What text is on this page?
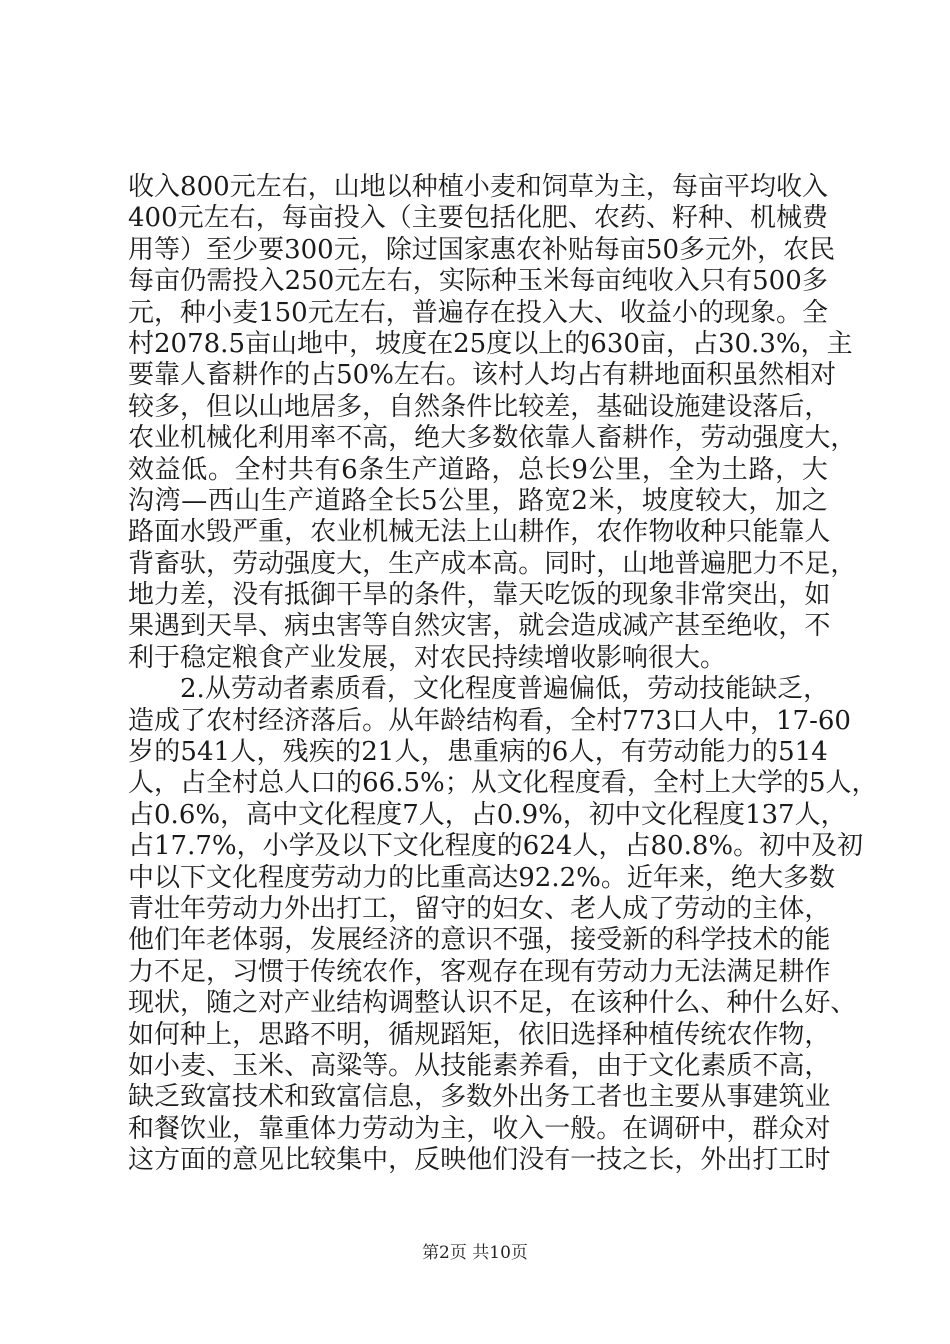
收 入 800 元 左 右 ， 山 地 以 种 植 小 麦 和 饲 草 为 主 ， 每 亩 平 均 收 入
400 元 左 右 ， 每 亩 投 入 （ 主 要 包 括 化 肥 、 农 药 、 籽 种 、 机 械 费
用 等 ） 至 少 要 300 元 ， 除 过 国 家 惠 农 补 贴 每 亩 50 多 元 外 ， 农 民
每 亩 仍 需 投 入 250 元 左 右 ， 实 际 种 玉 米 每 亩 纯 收 入 只 有 500 多
元 ， 种 小 麦 150 元 左 右 ， 普 遍 存 在 投 入 大 、 收 益 小 的 现 象 。 全
村 2078.5 亩 山 地 中 ， 坡 度 在 25 度 以 上 的 630 亩 ， 占 30.3% ， 主
要 靠 人 畜 耕 作 的 占 50% 左 右 。 该 村 人 均 占 有 耕 地 面 积 虽 然 相 对
较 多 ， 但 以 山 地 居 多 ， 自 然 条 件 比 较 差 ， 基 础 设 施 建 设 落 后 ，
农 业 机 械 化 利 用 率 不 高 ， 绝 大 多 数 依 靠 人 畜 耕 作 ， 劳 动 强 度 大 ，
效 益 低 。 全 村 共 有 6 条 生 产 道 路 ， 总 长 9 公 里 ， 全 为 土 路 ， 大
沟 湾 — 西 山 生 产 道 路 全 长 5 公 里 ， 路 宽 2 米 ， 坡 度 较 大 ， 加 之
路 面 水 毁 严 重 ， 农 业 机 械 无 法 上 山 耕 作 ， 农 作 物 收 种 只 能 靠 人
背 畜 驮 ， 劳 动 强 度 大 ， 生 产 成 本 高 。 同 时 ， 山 地 普 遍 肥 力 不 足 ，
地 力 差 ， 没 有 抵 御 干 旱 的 条 件 ， 靠 天 吃 饭 的 现 象 非 常 突 出 ， 如
果 遇 到 天 旱 、 病 虫 害 等 自 然 灾 害 ， 就 会 造 成 减 产 甚 至 绝 收 ， 不
利于稳定粮食产业发展，对农民持续增收影响很大。
2. 从 劳 动 者 素 质 看 ， 文 化 程 度 普 遍 偏 低 ， 劳 动 技 能 缺 乏 ，
造 成 了 农 村 经 济 落 后 。 从 年 龄 结 构 看 ， 全 村 773 口 人 中 ， 17-60
岁 的 541 人 ， 残 疾 的 21 人 ， 患 重 病 的 6 人 ， 有 劳 动 能 力 的 514
人 ， 占 全 村 总 人 口 的 66.5% ； 从 文 化 程 度 看 ， 全 村 上 大 学 的 5 人 ，
占 0.6% ， 高 中 文 化 程 度 7 人 ， 占 0.9% ， 初 中 文 化 程 度 137 人 ，
占 17.7% ， 小 学 及 以 下 文 化 程 度 的 624 人 ， 占 80.8% 。 初 中 及 初
中 以 下 文 化 程 度 劳 动 力 的 比 重 高 达 92.2% 。 近 年 来 ， 绝 大 多 数
青 壮 年 劳 动 力 外 出 打 工 ， 留 守 的 妇 女 、 老 人 成 了 劳 动 的 主 体 ，
他 们 年 老 体 弱 ， 发 展 经 济 的 意 识 不 强 ， 接 受 新 的 科 学 技 术 的 能
力 不 足 ， 习 惯 于 传 统 农 作 ， 客 观 存 在 现 有 劳 动 力 无 法 满 足 耕 作
现 状 ， 随 之 对 产 业 结 构 调 整 认 识 不 足 ， 在 该 种 什 么 、 种 什 么 好 、
如 何 种 上 ， 思 路 不 明 ， 循 规 蹈 矩 ， 依 旧 选 择 种 植 传 统 农 作 物 ，
如 小 麦 、 玉 米 、 高 粱 等 。 从 技 能 素 养 看 ， 由 于 文 化 素 质 不 高 ，
缺 乏 致 富 技 术 和 致 富 信 息 ， 多 数 外 出 务 工 者 也 主 要 从 事 建 筑 业
和 餐 饮 业 ， 靠 重 体 力 劳 动 为 主 ， 收 入 一 般 。 在 调 研 中 ， 群 众 对
这 方 面 的 意 见 比 较 集 中 ， 反 映 他 们 没 有 一 技 之 长 ， 外 出 打 工 时
第2页 共10页
